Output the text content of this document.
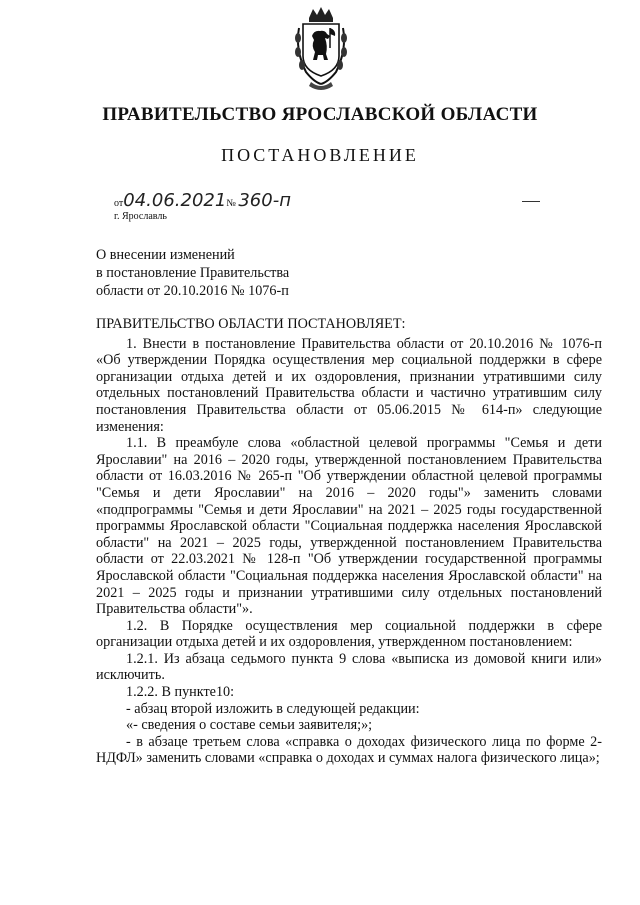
ПРАВИТЕЛЬСТВО ЯРОСЛАВСКОЙ ОБЛАСТИ
ПОСТАНОВЛЕНИЕ
от04.06.2021№ 360-п
г. Ярославль
О внесении изменений
в постановление Правительства
области от 20.10.2016 № 1076-п

ПРАВИТЕЛЬСТВО ОБЛАСТИ ПОСТАНОВЛЯЕТ:

1. Внести в постановление Правительства области от 20.10.2016 № 1076-п «Об утверждении Порядка осуществления мер социальной поддержки в сфере организации отдыха детей и их оздоровления, признании утратившими силу отдельных постановлений Правительства области и частично утратившим силу постановления Правительства области от 05.06.2015 № 614-п» следующие изменения:

1.1. В преамбуле слова «областной целевой программы "Семья и дети Ярославии" на 2016 – 2020 годы, утвержденной постановлением Правительства области от 16.03.2016 № 265-п "Об утверждении областной целевой программы "Семья и дети Ярославии" на 2016 – 2020 годы"» заменить словами «подпрограммы "Семья и дети Ярославии" на 2021 – 2025 годы государственной программы Ярославской области "Социальная поддержка населения Ярославской области" на 2021 – 2025 годы, утвержденной постановлением Правительства области от 22.03.2021 № 128-п "Об утверждении государственной программы Ярославской области "Социальная поддержка населения Ярославской области" на 2021 – 2025 годы и признании утратившими силу отдельных постановлений Правительства области"».

1.2. В Порядке осуществления мер социальной поддержки в сфере организации отдыха детей и их оздоровления, утвержденном постановлением:

1.2.1. Из абзаца седьмого пункта 9 слова «выписка из домовой книги или» исключить.

1.2.2. В пункте10:

- абзац второй изложить в следующей редакции:

«- сведения о составе семьи заявителя;»;

- в абзаце третьем слова «справка о доходах физического лица по форме 2-НДФЛ» заменить словами «справка о доходах и суммах налога физического лица»;
